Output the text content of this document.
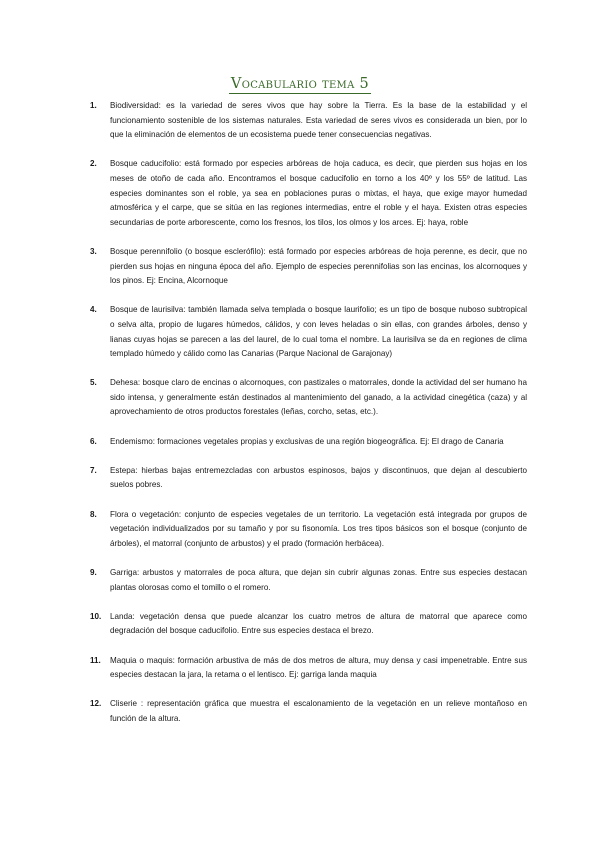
Vocabulario tema 5
1. Biodiversidad: es la variedad de seres vivos que hay sobre la Tierra. Es la base de la estabilidad y el funcionamiento sostenible de los sistemas naturales. Esta variedad de seres vivos es considerada un bien, por lo que la eliminación de elementos de un ecosistema puede tener consecuencias negativas.
2. Bosque caducifolio: está formado por especies arbóreas de hoja caduca, es decir, que pierden sus hojas en los meses de otoño de cada año. Encontramos el bosque caducifolio en torno a los 40º y los 55º de latitud. Las especies dominantes son el roble, ya sea en poblaciones puras o mixtas, el haya, que exige mayor humedad atmosférica y el carpe, que se sitúa en las regiones intermedias, entre el roble y el haya. Existen otras especies secundarias de porte arborescente, como los fresnos, los tilos, los olmos y los arces. Ej: haya, roble
3. Bosque perennifolio (o bosque esclerófilo): está formado por especies arbóreas de hoja perenne, es decir, que no pierden sus hojas en ninguna época del año. Ejemplo de especies perennifolias son las encinas, los alcornoques y los pinos. Ej: Encina, Alcornoque
4. Bosque de laurisilva: también llamada selva templada o bosque laurifolio; es un tipo de bosque nuboso subtropical o selva alta, propio de lugares húmedos, cálidos, y con leves heladas o sin ellas, con grandes árboles, denso y lianas cuyas hojas se parecen a las del laurel, de lo cual toma el nombre. La laurisilva se da en regiones de clima templado húmedo y cálido como las Canarias (Parque Nacional de Garajonay)
5. Dehesa: bosque claro de encinas o alcornoques, con pastizales o matorrales, donde la actividad del ser humano ha sido intensa, y generalmente están destinados al mantenimiento del ganado, a la actividad cinegética (caza) y al aprovechamiento de otros productos forestales (leñas, corcho, setas, etc.).
6. Endemismo: formaciones vegetales propias y exclusivas de una región biogeográfica. Ej: El drago de Canaria
7. Estepa: hierbas bajas entremezcladas con arbustos espinosos, bajos y discontinuos, que dejan al descubierto suelos pobres.
8. Flora o vegetación: conjunto de especies vegetales de un territorio. La vegetación está integrada por grupos de vegetación individualizados por su tamaño y por su fisonomía. Los tres tipos básicos son el bosque (conjunto de árboles), el matorral (conjunto de arbustos) y el prado (formación herbácea).
9. Garriga: arbustos y matorrales de poca altura, que dejan sin cubrir algunas zonas. Entre sus especies destacan plantas olorosas como el tomillo o el romero.
10. Landa: vegetación densa que puede alcanzar los cuatro metros de altura de matorral que aparece como degradación del bosque caducifolio. Entre sus especies destaca el brezo.
11. Maquia o maquis: formación arbustiva de más de dos metros de altura, muy densa y casi impenetrable. Entre sus especies destacan la jara, la retama o el lentisco. Ej: garriga landa maquia
12. Cliserie : representación gráfica que muestra el escalonamiento de la vegetación en un relieve montañoso en función de la altura.
